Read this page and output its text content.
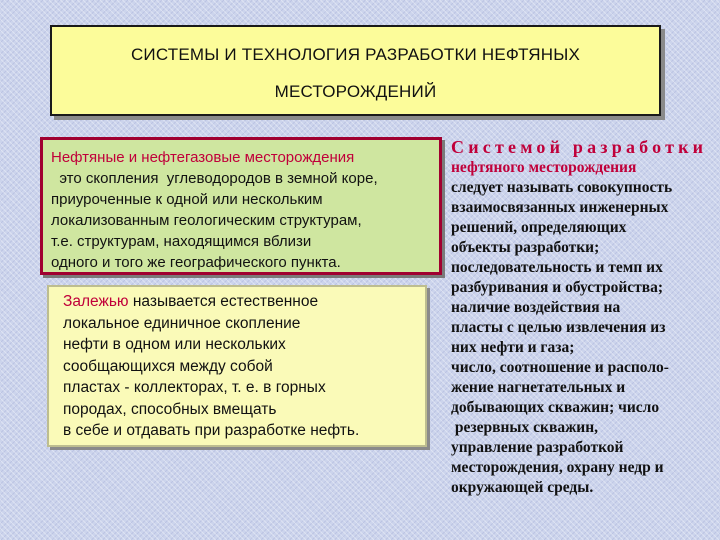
СИСТЕМЫ И ТЕХНОЛОГИЯ РАЗРАБОТКИ НЕФТЯНЫХ
МЕСТОРОЖДЕНИЙ
Нефтяные и нефтегазовые месторождения
это скопления  углеводородов в земной коре,
приуроченные к одной или нескольким
локализованным геологическим структурам,
т.е. структурам, находящимся вблизи
одного и того же географического пункта.
Залежью называется естественное
локальное единичное скопление
нефти в одном или нескольких
сообщающихся между собой
пластах - коллекторах, т. е. в горных
породах, способных вмещать
в себе и отдавать при разработке нефть.
Системой разработки
нефтяного месторождения
следует называть совокупность
взаимосвязанных инженерных
решений, определяющих
объекты разработки;
последовательность и темп их
разбуривания и обустройства;
наличие воздействия на
пласты с целью извлечения из
них нефти и газа;
число, соотношение и располо-
жение нагнетательных и
добывающих скважин; число
резервных скважин,
управление разработкой
месторождения, охрану недр и
окружающей среды.
